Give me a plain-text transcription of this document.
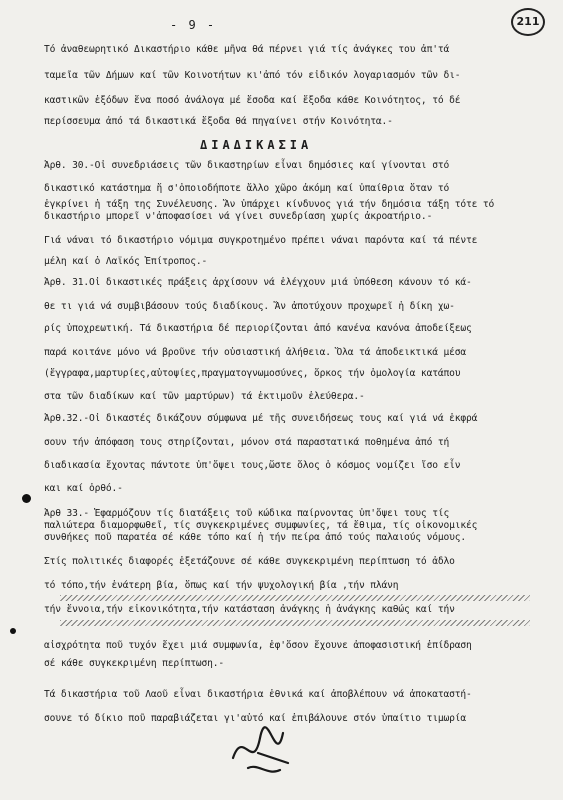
- 9 -	211
Τό ἀναθεωρητικό Δικαστήριο κάθε μῆνα θά πέρνει γιά τίς ἀνάγκες του ἀπ'τά
ταμεῖα τῶν Δήμων καί τῶν Κοινοτήτων κι'ἀπό τόν εἰδικόν λογαριασμόν τῶν δι-
καστικῶν ἐξόδων ἕνα ποσό ἀνάλογα μέ ἔσοδα καί ἔξοδα κάθε Κοινότητος, τό δέ
περίσσευμα ἀπό τά δικαστικά ἔξοδα θά πηγαίνει στήν Κοινότητα.-
ΔΙΑΔΙΚΑΣΙΑ
Ἀρθ. 30.-Οἱ συνεδριάσεις τῶν δικαστηρίων εἶναι δημόσιες καί γίνονται στό
δικαστικό κατάστημα ἤ σ'ὁποιοδήποτε ἄλλο χῶρο ἀκόμη καί ὑπαίθρια ὅταν τό
ἐγκρίνει ἡ τάξη της Συνέλευσης. Ἄν ὑπάρχει κίνδυνος γιά τήν δημόσια τάξη τότε τό
δικαστήριο μπορεῖ ν'ἀποφασίσει νά γίνει συνεδρίαση χωρίς ἀκροατήριο.-
Γιά νάναι τό δικαστήριο νόμιμα συγκροτημένο πρέπει νάναι παρόντα καί τά πέντε
μέλη καί ὁ Λαϊκός Ἐπίτροπος.-
Ἀρθ. 31.Οἱ δικαστικές πράξεις ἀρχίσουν νά ἐλέγχουν μιά ὑπόθεση κάνουν τό κά-
θε τι γιά νά συμβιβάσουν τούς διαδίκους. Ἄν ἀποτύχουν προχωρεῖ ἡ δίκη χω-
ρίς ὑποχρεωτική. Τά δικαστήρια δέ περιορίζονται ἀπό κανένα κανόνα ἀποδείξεως
παρά κοιτάνε μόνο νά βροῦνε τήν οὐσιαστική ἀλήθεια. Ὅλα τά ἀποδεικτικά μέσα
(ἔγγραφα,μαρτυρίες,αὐτοψίες,πραγματογνωμοσύνες, ὅρκος τήν ὁμολογία κατάπου
στα τῶν διαδίκων καί τῶν μαρτύρων) τά ἐκτιμοῦν ἐλεύθερα.-
Ἀρθ.32.-Οἱ δικαστές δικάζουν σύμφωνα μέ τῆς συνειδήσεως τους καί γιά νά ἐκφρά
σουν τήν ἀπόφαση τους στηρίζονται, μόνον στά παραστατικά ποθημένα ἀπό τή
διαδικασία ἔχοντας πάντοτε ὑπ'ὄψει τους,ὥστε ὅλος ὁ κόσμος νομίζει ἴσο εἶν
και καί ὀρθό.-
Ἀρθ 33.- Ἐφαρμόζουν τίς διατάξεις τοῦ κώδικα παίρνοντας ὑπ'ὄψει τους τίς
παλιώτερα διαμορφωθεῖ, τίς συγκεκριμένες συμφωνίες, τά ἔθιμα, τίς οἰκονομικές
συνθήκες ποῦ παρατέα σέ κάθε τόπο καί ἡ τήν πείρα ἀπό τούς παλαιούς νόμους.
Στίς πολιτικές διαφορές ἐξετάζουνε σέ κάθε συγκεκριμένη περίπτωση τό ἀδλο
τό τόπο,τήν ἐνάτερη βία, ὅπως καί τήν ψυχολογική βία ,τήν πλάνη
τήν ἔννοια,τήν εἰκονικότητα,τήν κατάσταση ἀνάγκης ἡ ἀνάγκης καθώς καί τήν
αἰσχρότητα ποῦ τυχόν ἔχει μιά συμφωνία, ἐφ'ὅσον ἔχουνε ἀποφασιστική ἐπίδραση
σέ κάθε συγκεκριμένη περίπτωση.-
Τά δικαστήρια τοῦ Λαοῦ εἶναι δικαστήρια ἐθνικά καί ἀποβλέπουν νά ἀποκαταστή-
σουνε τό δίκιο ποῦ παραβιάζεται γι'αὐτό καί ἐπιβάλουνε στόν ὑπαίτιο τιμωρία
